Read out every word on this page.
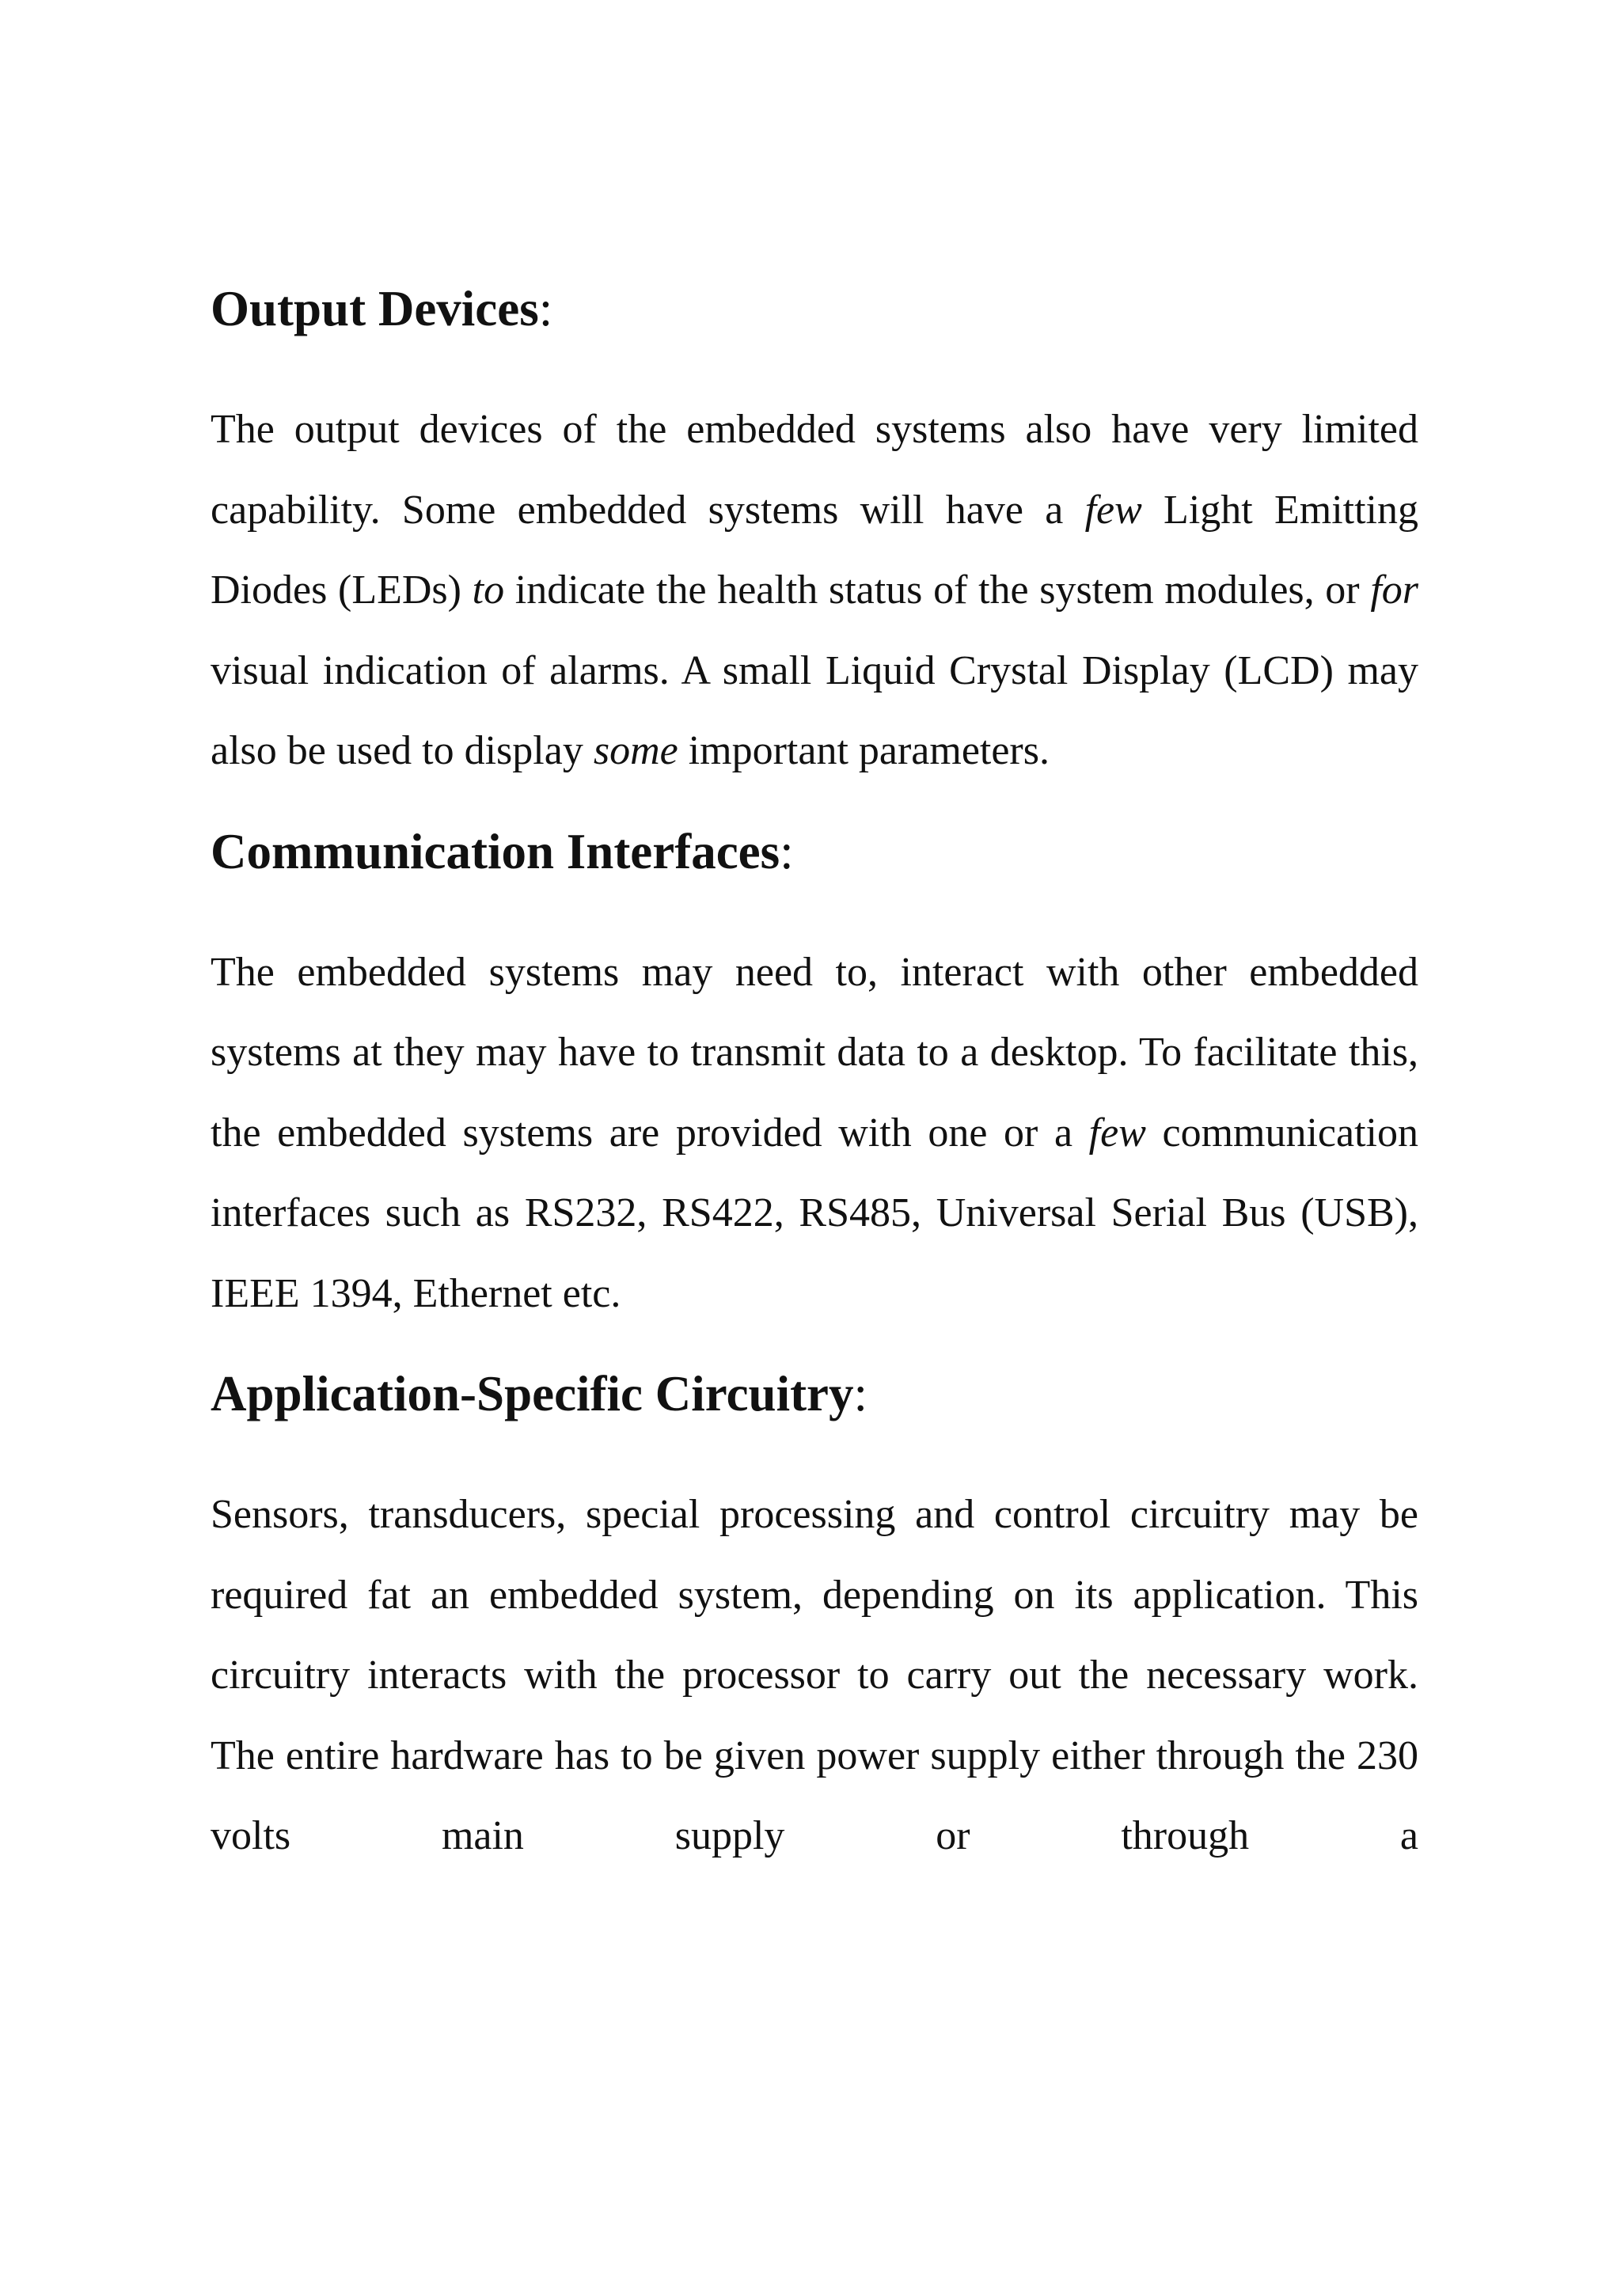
Output Devices:

The output devices of the embedded systems also have very limited capability. Some embedded systems will have a few Light Emitting Diodes (LEDs) to indicate the health status of the system modules, or for visual indication of alarms. A small Liquid Crystal Display (LCD) may also be used to display some important parameters.

Communication Interfaces:

The embedded systems may need to, interact with other embedded systems at they may have to transmit data to a desktop. To facilitate this, the embedded systems are provided with one or a few communication interfaces such as RS232, RS422, RS485, Universal Serial Bus (USB), IEEE 1394, Ethernet etc.

Application-Specific Circuitry:

Sensors, transducers, special processing and control circuitry may be required fat an embedded system, depending on its application. This circuitry interacts with the processor to carry out the necessary work. The entire hardware has to be given power supply either through the 230 volts main supply or through a
